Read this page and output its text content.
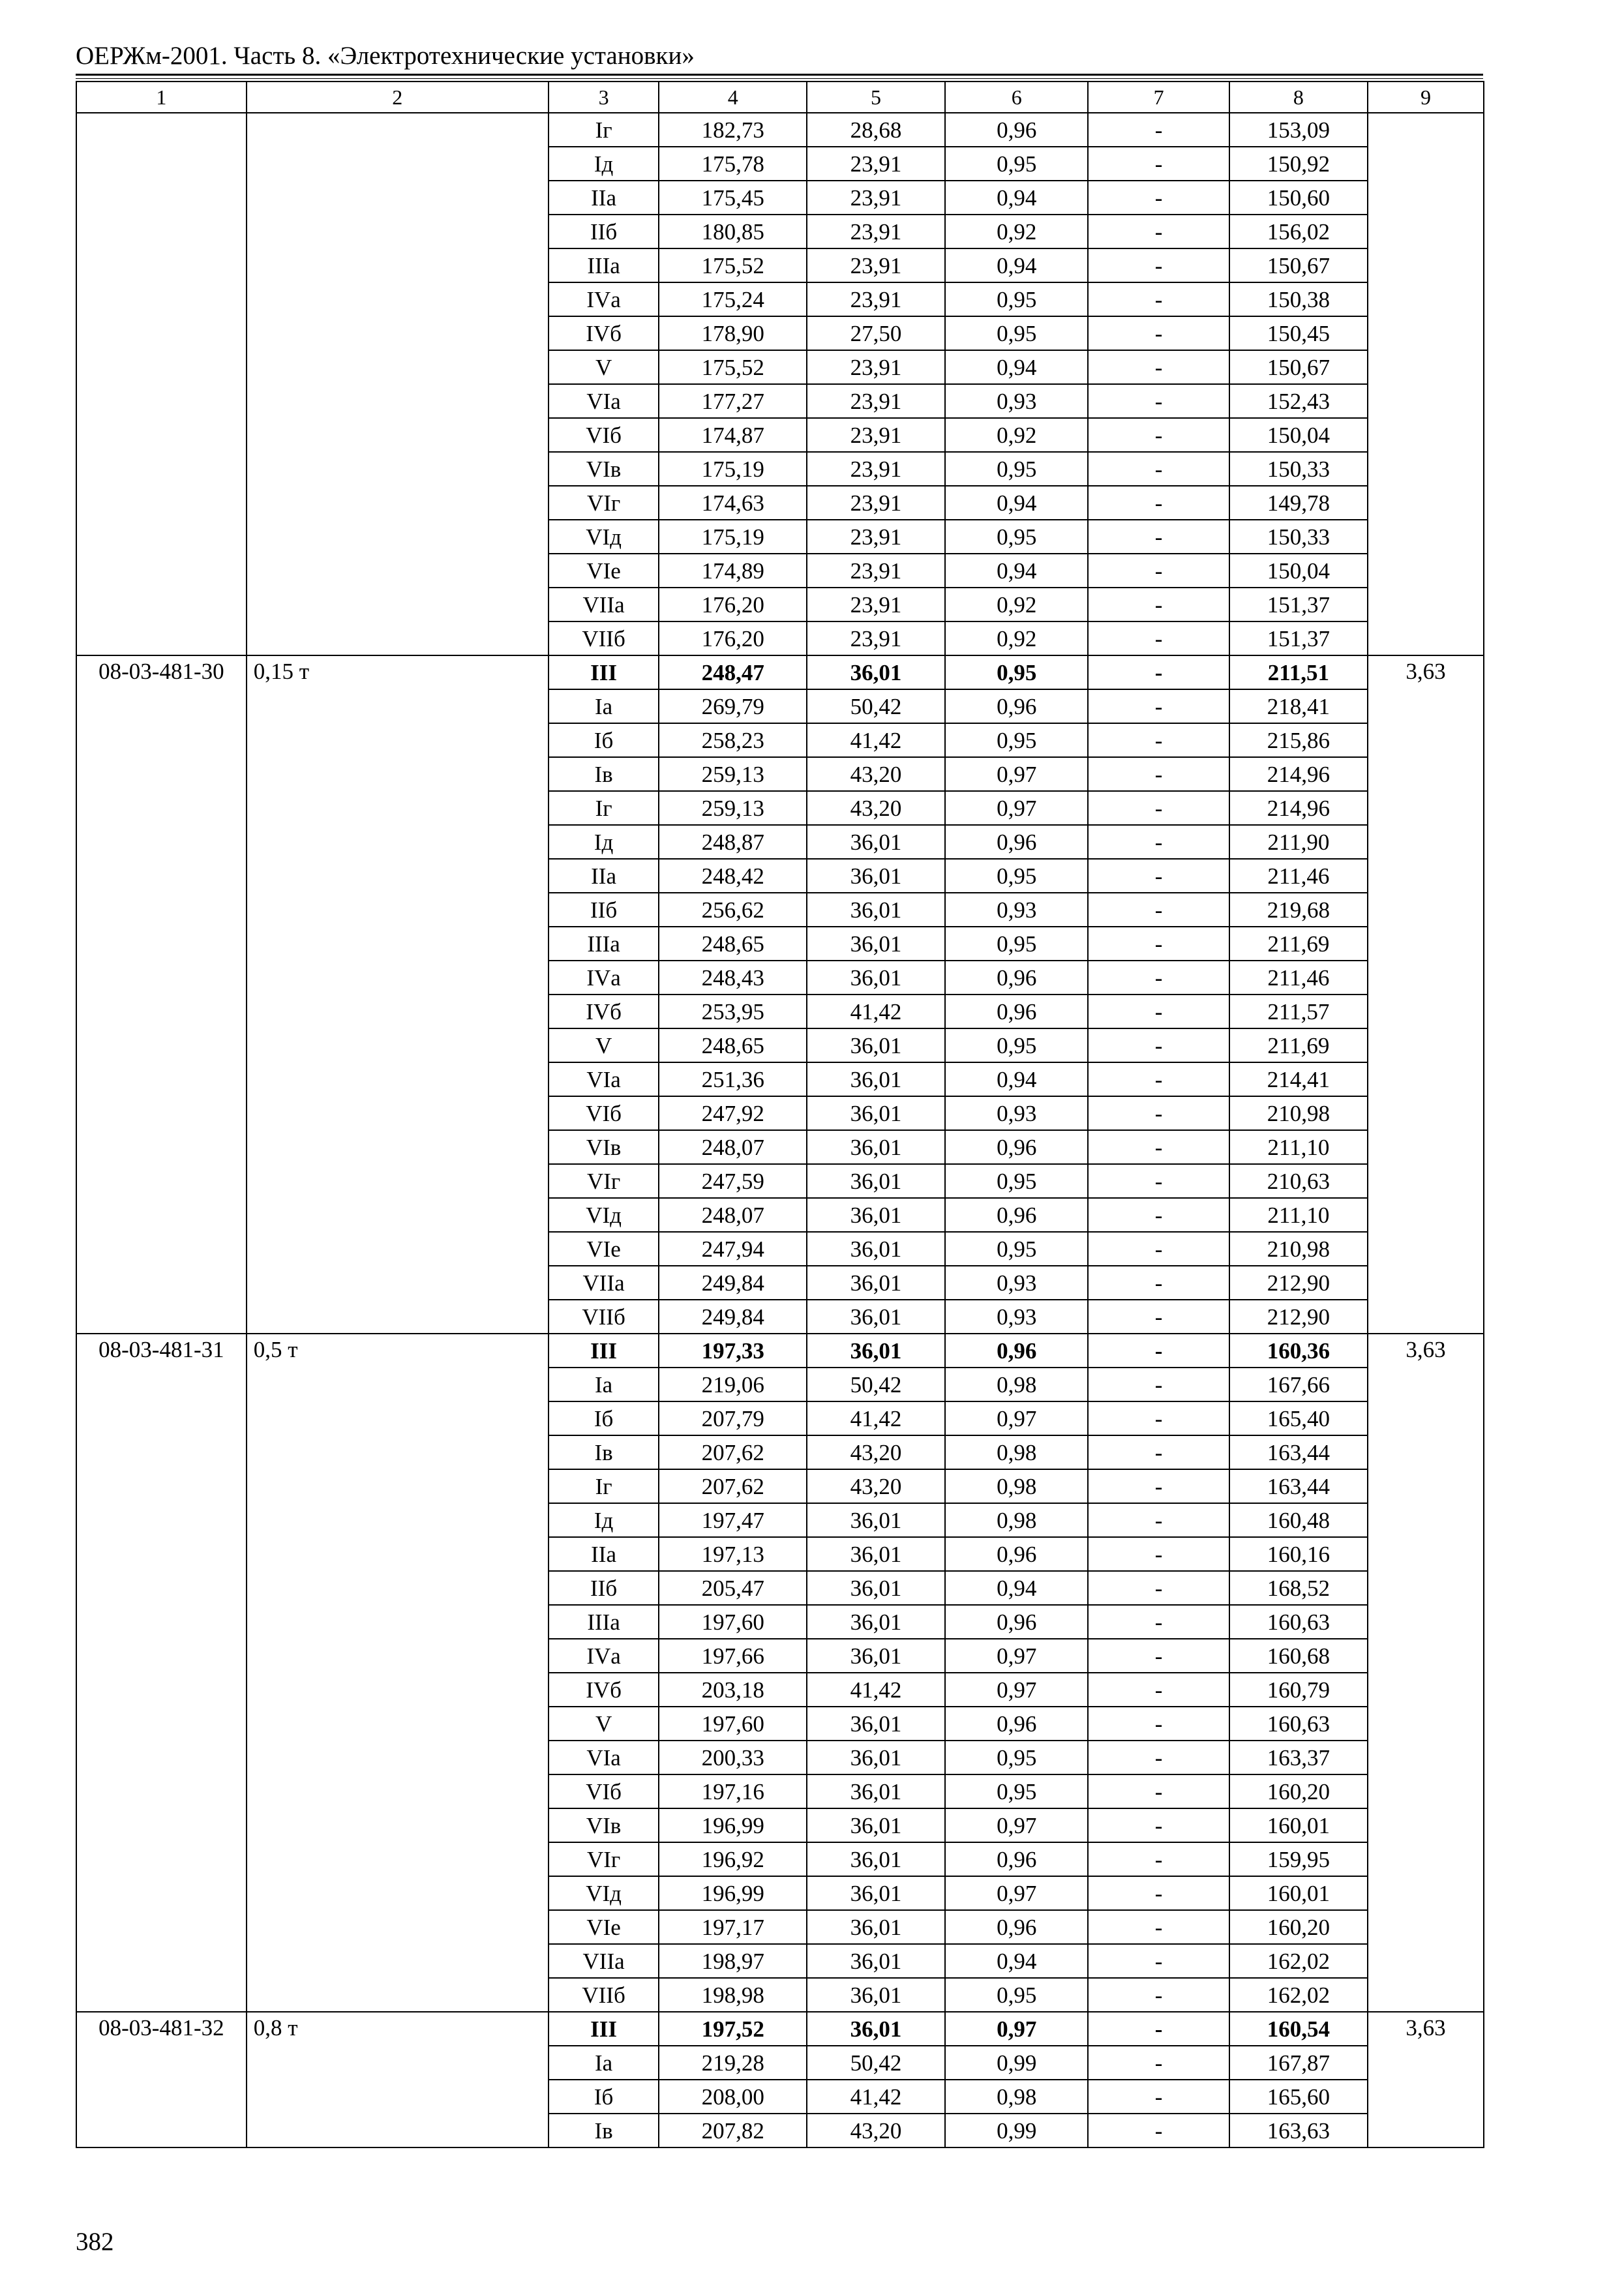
ОЕРЖм-2001. Часть 8. «Электротехнические установки»
1	2	3	4	5	6	7	8	9
		Iг	182,73	28,68	0,96	-	153,09	
		Iд	175,78	23,91	0,95	-	150,92	
		IIа	175,45	23,91	0,94	-	150,60	
		IIб	180,85	23,91	0,92	-	156,02	
		IIIа	175,52	23,91	0,94	-	150,67	
		IVа	175,24	23,91	0,95	-	150,38	
		IVб	178,90	27,50	0,95	-	150,45	
		V	175,52	23,91	0,94	-	150,67	
		VIа	177,27	23,91	0,93	-	152,43	
		VIб	174,87	23,91	0,92	-	150,04	
		VIв	175,19	23,91	0,95	-	150,33	
		VIг	174,63	23,91	0,94	-	149,78	
		VIд	175,19	23,91	0,95	-	150,33	
		VIе	174,89	23,91	0,94	-	150,04	
		VIIа	176,20	23,91	0,92	-	151,37	
		VIIб	176,20	23,91	0,92	-	151,37	
08-03-481-30	0,15 т	III	248,47	36,01	0,95	-	211,51	3,63
		Iа	269,79	50,42	0,96	-	218,41	
		Iб	258,23	41,42	0,95	-	215,86	
		Iв	259,13	43,20	0,97	-	214,96	
		Iг	259,13	43,20	0,97	-	214,96	
		Iд	248,87	36,01	0,96	-	211,90	
		IIа	248,42	36,01	0,95	-	211,46	
		IIб	256,62	36,01	0,93	-	219,68	
		IIIа	248,65	36,01	0,95	-	211,69	
		IVа	248,43	36,01	0,96	-	211,46	
		IVб	253,95	41,42	0,96	-	211,57	
		V	248,65	36,01	0,95	-	211,69	
		VIа	251,36	36,01	0,94	-	214,41	
		VIб	247,92	36,01	0,93	-	210,98	
		VIв	248,07	36,01	0,96	-	211,10	
		VIг	247,59	36,01	0,95	-	210,63	
		VIд	248,07	36,01	0,96	-	211,10	
		VIе	247,94	36,01	0,95	-	210,98	
		VIIа	249,84	36,01	0,93	-	212,90	
		VIIб	249,84	36,01	0,93	-	212,90	
08-03-481-31	0,5 т	III	197,33	36,01	0,96	-	160,36	3,63
		Iа	219,06	50,42	0,98	-	167,66	
		Iб	207,79	41,42	0,97	-	165,40	
		Iв	207,62	43,20	0,98	-	163,44	
		Iг	207,62	43,20	0,98	-	163,44	
		Iд	197,47	36,01	0,98	-	160,48	
		IIа	197,13	36,01	0,96	-	160,16	
		IIб	205,47	36,01	0,94	-	168,52	
		IIIа	197,60	36,01	0,96	-	160,63	
		IVа	197,66	36,01	0,97	-	160,68	
		IVб	203,18	41,42	0,97	-	160,79	
		V	197,60	36,01	0,96	-	160,63	
		VIа	200,33	36,01	0,95	-	163,37	
		VIб	197,16	36,01	0,95	-	160,20	
		VIв	196,99	36,01	0,97	-	160,01	
		VIг	196,92	36,01	0,96	-	159,95	
		VIд	196,99	36,01	0,97	-	160,01	
		VIе	197,17	36,01	0,96	-	160,20	
		VIIа	198,97	36,01	0,94	-	162,02	
		VIIб	198,98	36,01	0,95	-	162,02	
08-03-481-32	0,8 т	III	197,52	36,01	0,97	-	160,54	3,63
		Iа	219,28	50,42	0,99	-	167,87	
		Iб	208,00	41,42	0,98	-	165,60	
		Iв	207,82	43,20	0,99	-	163,63	
382
